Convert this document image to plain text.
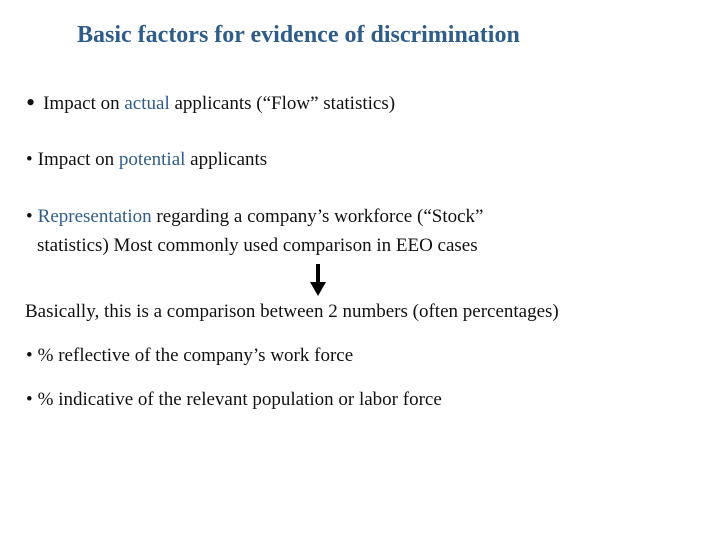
Basic factors for evidence of discrimination
• Impact on actual applicants (“Flow” statistics)
• Impact on potential applicants
• Representation regarding a company’s workforce (“Stock”
statistics) Most commonly used comparison in EEO cases
Basically, this is a comparison between 2 numbers (often percentages)
• % reflective of the company’s work force
• % indicative of the relevant population or labor force
